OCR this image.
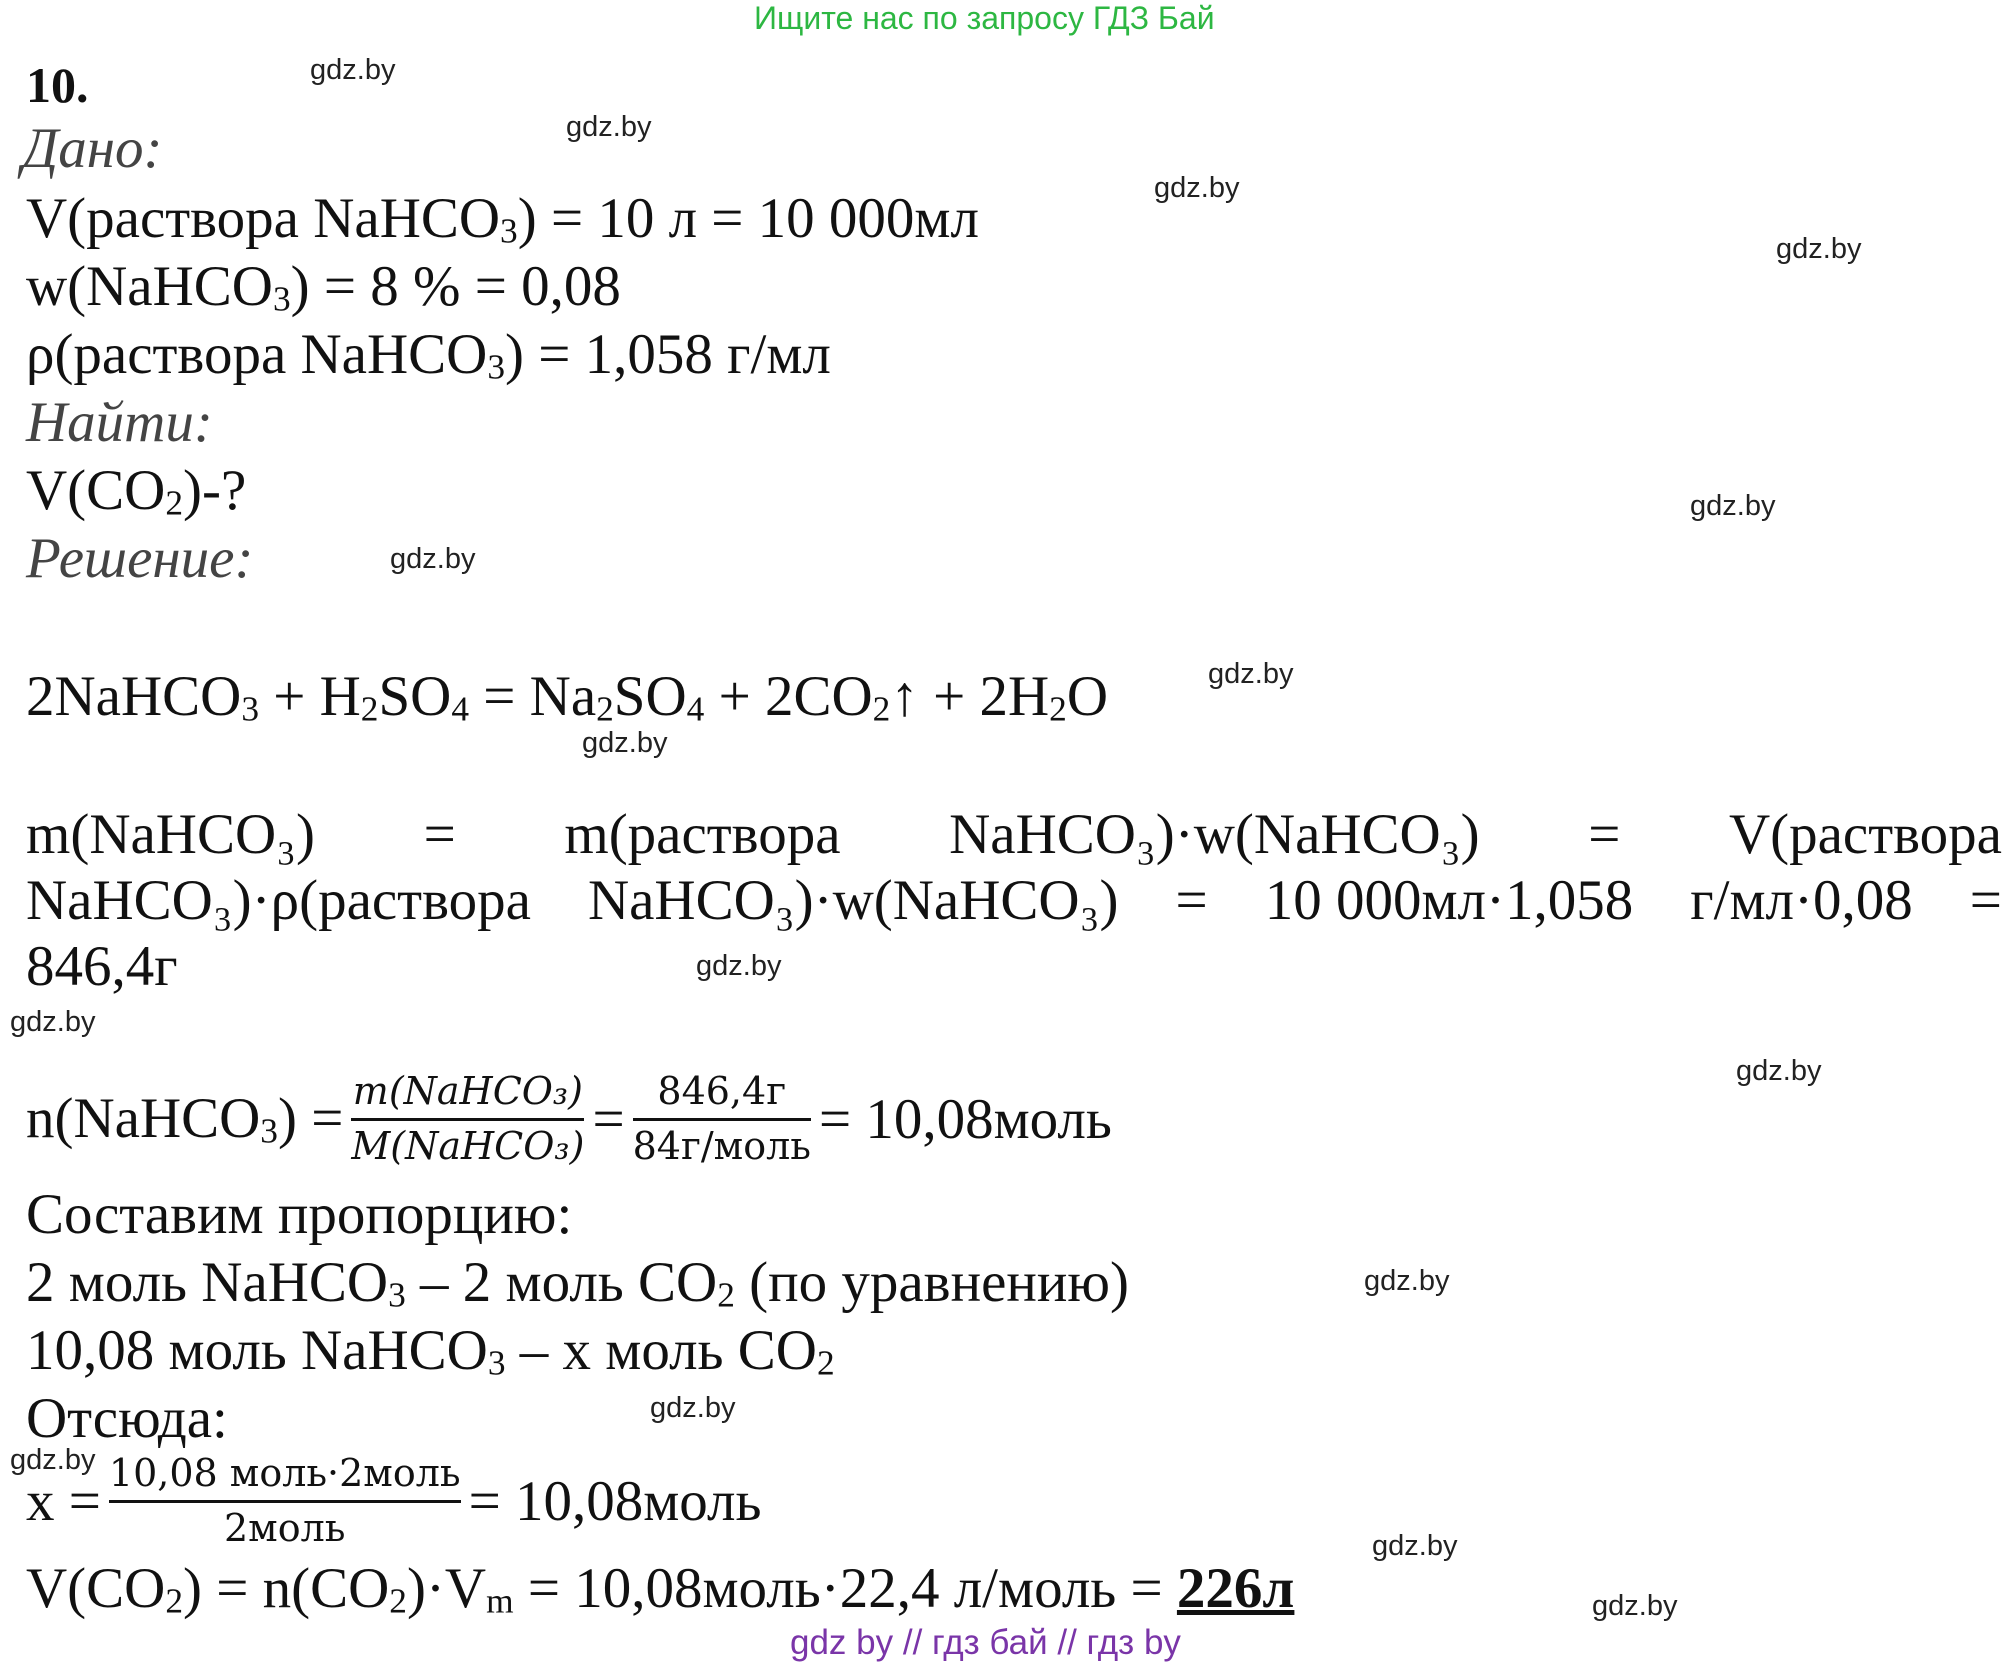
Ищите нас по запросу ГДЗ Бай
10.
Дано:
V(раствора NaHCO$_3$) = 10 л = 10 000мл
w(NaHCO$_3$) = 8 % = 0,08
ρ(раствора NaHCO$_3$) = 1,058 г/мл
Найти:
$V(CO_2)-$?
Решение:
2NaHCO$_3$ + $H_2SO_4 = Na_2SO_4$ + $2CO_2↑ + 2H_2O$
m(NaHCO₃) = m(раствора NaHCO₃)·w(NaHCO₃) = V(раствора
NaHCO₃)·ρ(раствора NaHCO₃)·w(NaHCO₃) = 10 000мл·1,058 г/мл·0,08 =
846,4г
n(NaHCO$_3$) = $\frac{\text{m(NaHCO₃)}}{\text{M(NaHCO₃)}} = \frac{846,4г}{\text{84г/моль}}$ = 10,08моль
Составим пропорцию:
2 моль NaHCO$_3$ – 2 моль $CO_2$ (по уравнению)
10,08 моль NaHCO$_3$ – x моль $CO_2$
Отсюда:
$x = \frac{\text{10,08 моль·2моль}}{\text{2моль}}$ = 10,08моль
$V(CO_2) = n(CO_2)\cdot V_m$ = 10,08моль·22,4 л/моль = 226л
gdz.by
gdz.by
gdz.by
gdz.by
gdz.by
gdz.by
gdz.by
gdz.by
gdz.by
gdz.by
gdz.by
gdz.by
gdz.by
gdz.by
gdz.by
gdz.by
gdz by // гдз бай // гдз by
